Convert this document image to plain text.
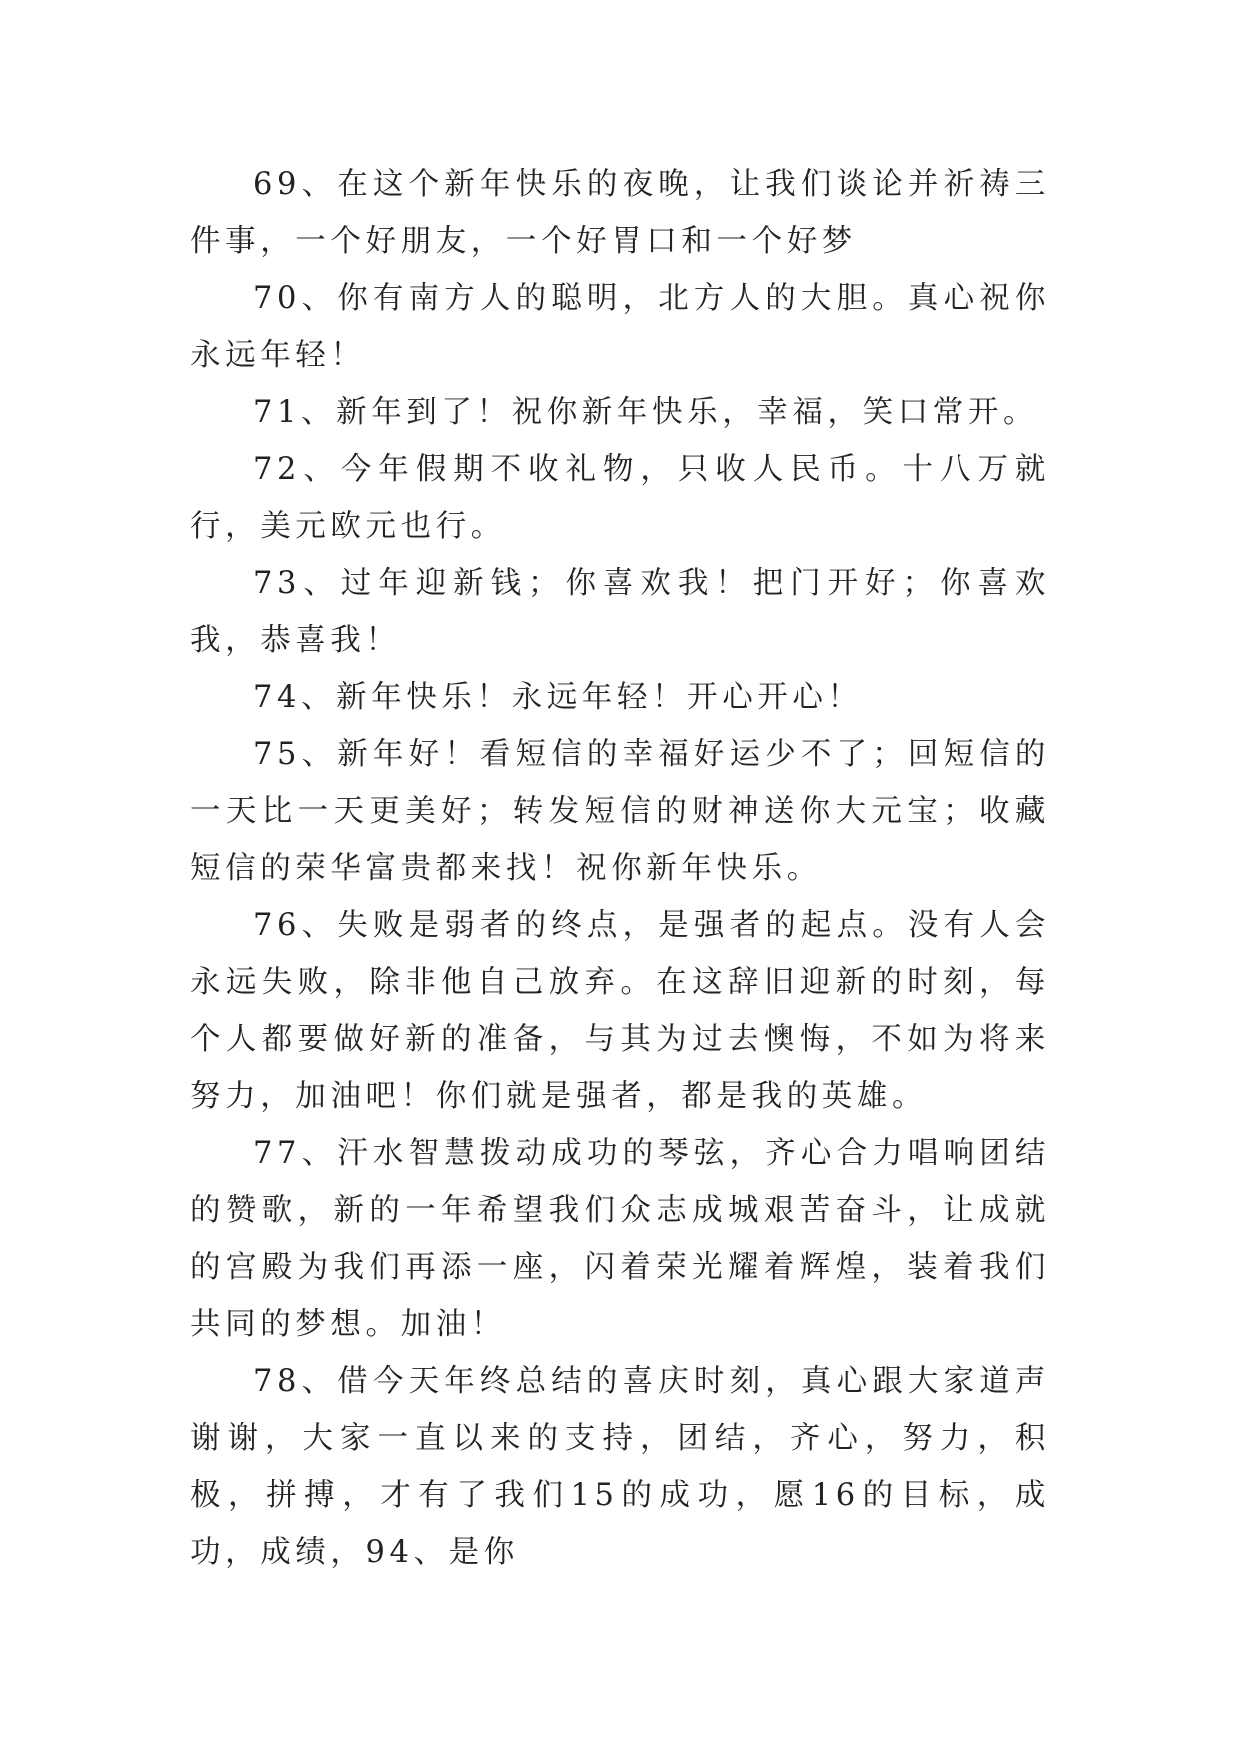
69、在这个新年快乐的夜晚，让我们谈论并祈祷三件事，一个好朋友，一个好胃口和一个好梦

70、你有南方人的聪明，北方人的大胆。真心祝你永远年轻！

71、新年到了！祝你新年快乐，幸福，笑口常开。

72、今年假期不收礼物，只收人民币。十八万就行，美元欧元也行。

73、过年迎新钱；你喜欢我！把门开好；你喜欢我，恭喜我！

74、新年快乐！永远年轻！开心开心！

75、新年好！看短信的幸福好运少不了；回短信的一天比一天更美好；转发短信的财神送你大元宝；收藏短信的荣华富贵都来找！祝你新年快乐。

76、失败是弱者的终点，是强者的起点。没有人会永远失败，除非他自己放弃。在这辞旧迎新的时刻，每个人都要做好新的准备，与其为过去懊悔，不如为将来努力，加油吧！你们就是强者，都是我的英雄。

77、汗水智慧拨动成功的琴弦，齐心合力唱响团结的赞歌，新的一年希望我们众志成城艰苦奋斗，让成就的宫殿为我们再添一座，闪着荣光耀着辉煌，装着我们共同的梦想。加油！

78、借今天年终总结的喜庆时刻，真心跟大家道声谢谢，大家一直以来的支持，团结，齐心，努力，积极，拼搏，才有了我们15的成功，愿16的目标，成功，成绩，94、是你
